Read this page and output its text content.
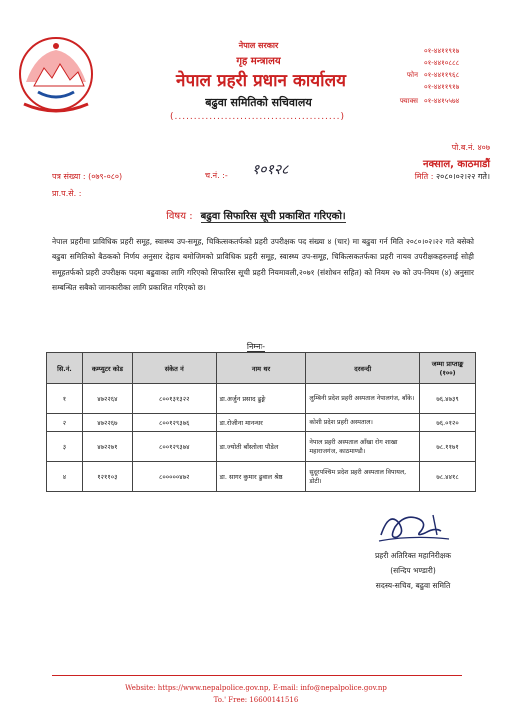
नेपाल सरकार
गृह मन्त्रालय
नेपाल प्रहरी प्रधान कार्यालय
बढुवा समितिको सचिवालय
(...........................................)
०१-४४११९१७
०१-४४१०८८८
फोन ०१-४४११९६८
०१-४४११९१७
फ्याक्स ०१-४४१५५७४
पो.ब.नं. ४०७
नक्साल, काठमाडौं
मिति : २०८०।०२।२२ गते।
पत्र संख्या : (०७९-०८०)
प्रा.प.से. :
च.नं. :- १०१२८
विषय : बढुवा सिफारिस सूची प्रकाशित गरिएको।
नेपाल प्रहरीमा प्राविधिक प्रहरी समूह, स्वास्थ्य उप-समूह, चिकित्सकतर्फको प्रहरी उपरीक्षक पद संख्या ४ (चार) मा बढुवा गर्न मिति २०८०।०२।२२ गते बसेको बढुवा समितिको बैठकको निर्णय अनुसार देहाय बमोजिमको प्राविधिक प्रहरी समूह, स्वास्थ्य उप-समूह, चिकित्सकतर्फका प्रहरी नायव उपरीक्षकहरुलाई सोही समूहतर्फको प्रहरी उपरीक्षक पदमा बढुवाका लागि गरिएको सिफारिस सूची प्रहरी नियमावली,२०७१ (संशोधन सहित) को नियम २७ को उप-नियम (४) अनुसार सम्बन्धित सबैको जानकारीका लागि प्रकाशित गरिएको छ।
निम्नः-
सि.नं.	कम्प्युटर कोड	संकेत नं	नाम थर	दरवन्दी	जम्मा प्राप्ताङ्क (१००)
१	४७२२६४	८००१३१३२२	डा.अर्जुन प्रसाद ढुङ्गे	लुम्बिनी प्रदेश प्रहरी अस्पताल नेपालगंज, बाँके।	७६.४७३९
२	४७२२६७	८००१२९३७६	डा.रोजीना मानन्धर	कोशी प्रदेश प्रहरी अस्पताल।	७६.०१२०
३	४७२२७१	८००१२९३७४	डा.ज्योती बाँस्तोला पौडेल	नेपाल प्रहरी अस्पताल आँखा रोग शाखा महाराजगंज, काठमाण्डौ।	७८.११७१
४	१२११०३	८०००००४७२	डा. सागर कुमार ढुवाल श्रेष्ठ	सुदूरपश्चिम प्रदेश प्रहरी अस्पताल विपायल, डोटी।	७८.४४१८
प्रहरी अतिरिक्त महानिरीक्षक
(सन्दिप भण्डारी)
सदस्य-सचिव, बढुवा समिति
Website: https://www.nepalpolice.gov.np, E-mail: info@nepalpolice.gov.np
To.' Free: 16600141516
